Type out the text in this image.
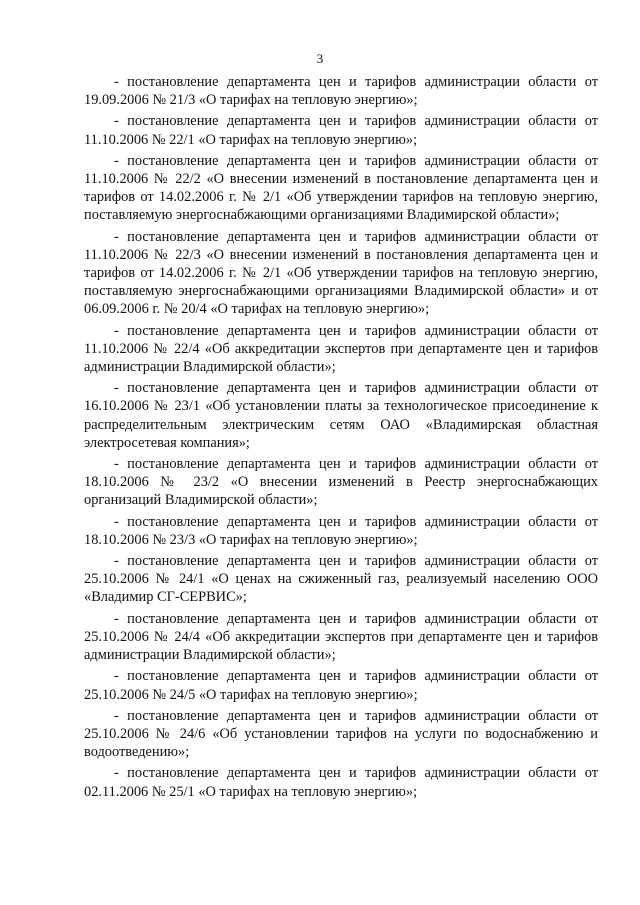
3

- постановление департамента цен и тарифов администрации области от 19.09.2006 № 21/3 «О тарифах на тепловую энергию»;

- постановление департамента цен и тарифов администрации области от 11.10.2006 № 22/1 «О тарифах на тепловую энергию»;

- постановление департамента цен и тарифов администрации области от 11.10.2006 № 22/2 «О внесении изменений в постановление департамента цен и тарифов от 14.02.2006 г. № 2/1 «Об утверждении тарифов на тепловую энергию, поставляемую энергоснабжающими организациями Владимирской области»;

- постановление департамента цен и тарифов администрации области от 11.10.2006 № 22/3 «О внесении изменений в постановления департамента цен и тарифов от 14.02.2006 г. № 2/1 «Об утверждении тарифов на тепловую энергию, поставляемую энергоснабжающими организациями Владимирской области» и от 06.09.2006 г. № 20/4 «О тарифах на тепловую энергию»;

- постановление департамента цен и тарифов администрации области от 11.10.2006 № 22/4 «Об аккредитации экспертов при департаменте цен и тарифов администрации Владимирской области»;

- постановление департамента цен и тарифов администрации области от 16.10.2006 № 23/1 «Об установлении платы за технологическое присоединение к распределительным электрическим сетям ОАО «Владимирская областная электросетевая компания»;

- постановление департамента цен и тарифов администрации области от 18.10.2006 № 23/2 «О внесении изменений в Реестр энергоснабжающих организаций Владимирской области»;

- постановление департамента цен и тарифов администрации области от 18.10.2006 № 23/3 «О тарифах на тепловую энергию»;

- постановление департамента цен и тарифов администрации области от 25.10.2006 № 24/1 «О ценах на сжиженный газ, реализуемый населению ООО «Владимир СГ-СЕРВИС»;

- постановление департамента цен и тарифов администрации области от 25.10.2006 № 24/4 «Об аккредитации экспертов при департаменте цен и тарифов администрации Владимирской области»;

- постановление департамента цен и тарифов администрации области от 25.10.2006 № 24/5 «О тарифах на тепловую энергию»;

- постановление департамента цен и тарифов администрации области от 25.10.2006 № 24/6 «Об установлении тарифов на услуги по водоснабжению и водоотведению»;

- постановление департамента цен и тарифов администрации области от 02.11.2006 № 25/1 «О тарифах на тепловую энергию»;
